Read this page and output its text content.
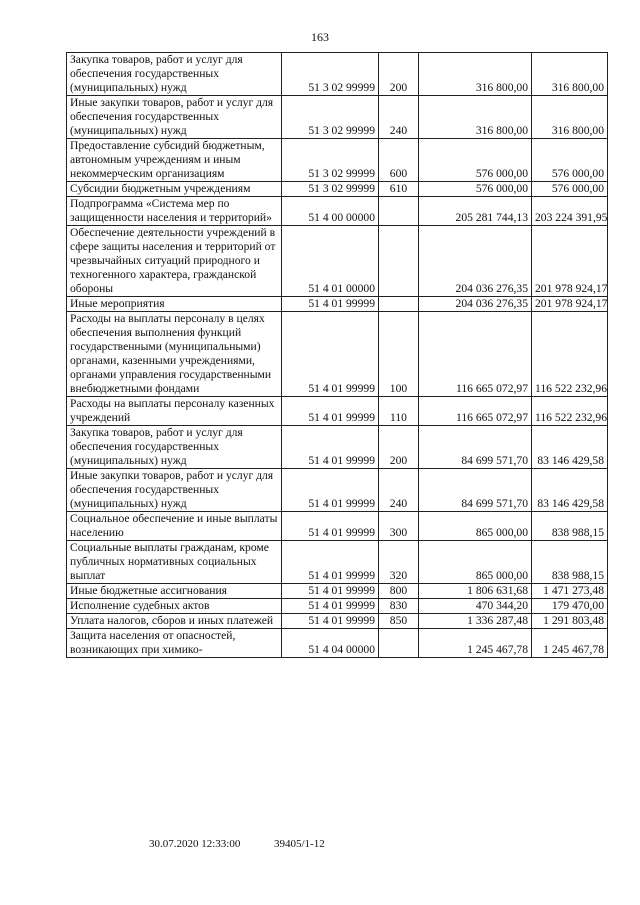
163
Закупка товаров, работ и услуг для обеспечения государственных (муниципальных) нужд	51 3 02 99999	200	316 800,00	316 800,00
Иные закупки товаров, работ и услуг для обеспечения государственных (муниципальных) нужд	51 3 02 99999	240	316 800,00	316 800,00
Предоставление субсидий бюджетным, автономным учреждениям и иным некоммерческим организациям	51 3 02 99999	600	576 000,00	576 000,00
Субсидии бюджетным учреждениям	51 3 02 99999	610	576 000,00	576 000,00
Подпрограмма «Система мер по защищенности населения и территорий»	51 4 00 00000		205 281 744,13	203 224 391,95
Обеспечение деятельности учреждений в сфере защиты населения и территорий от чрезвычайных ситуаций природного и техногенного характера, гражданской обороны	51 4 01 00000		204 036 276,35	201 978 924,17
Иные мероприятия	51 4 01 99999		204 036 276,35	201 978 924,17
Расходы на выплаты персоналу в целях обеспечения выполнения функций государственными (муниципальными) органами, казенными учреждениями, органами управления государственными внебюджетными фондами	51 4 01 99999	100	116 665 072,97	116 522 232,96
Расходы на выплаты персоналу казенных учреждений	51 4 01 99999	110	116 665 072,97	116 522 232,96
Закупка товаров, работ и услуг для обеспечения государственных (муниципальных) нужд	51 4 01 99999	200	84 699 571,70	83 146 429,58
Иные закупки товаров, работ и услуг для обеспечения государственных (муниципальных) нужд	51 4 01 99999	240	84 699 571,70	83 146 429,58
Социальное обеспечение и иные выплаты населению	51 4 01 99999	300	865 000,00	838 988,15
Социальные выплаты гражданам, кроме публичных нормативных социальных выплат	51 4 01 99999	320	865 000,00	838 988,15
Иные бюджетные ассигнования	51 4 01 99999	800	1 806 631,68	1 471 273,48
Исполнение судебных актов	51 4 01 99999	830	470 344,20	179 470,00
Уплата налогов, сборов и иных платежей	51 4 01 99999	850	1 336 287,48	1 291 803,48
Защита населения от опасностей, возникающих при химико-	51 4 04 00000		1 245 467,78	1 245 467,78
30.07.2020 12:33:00	39405/1-12
